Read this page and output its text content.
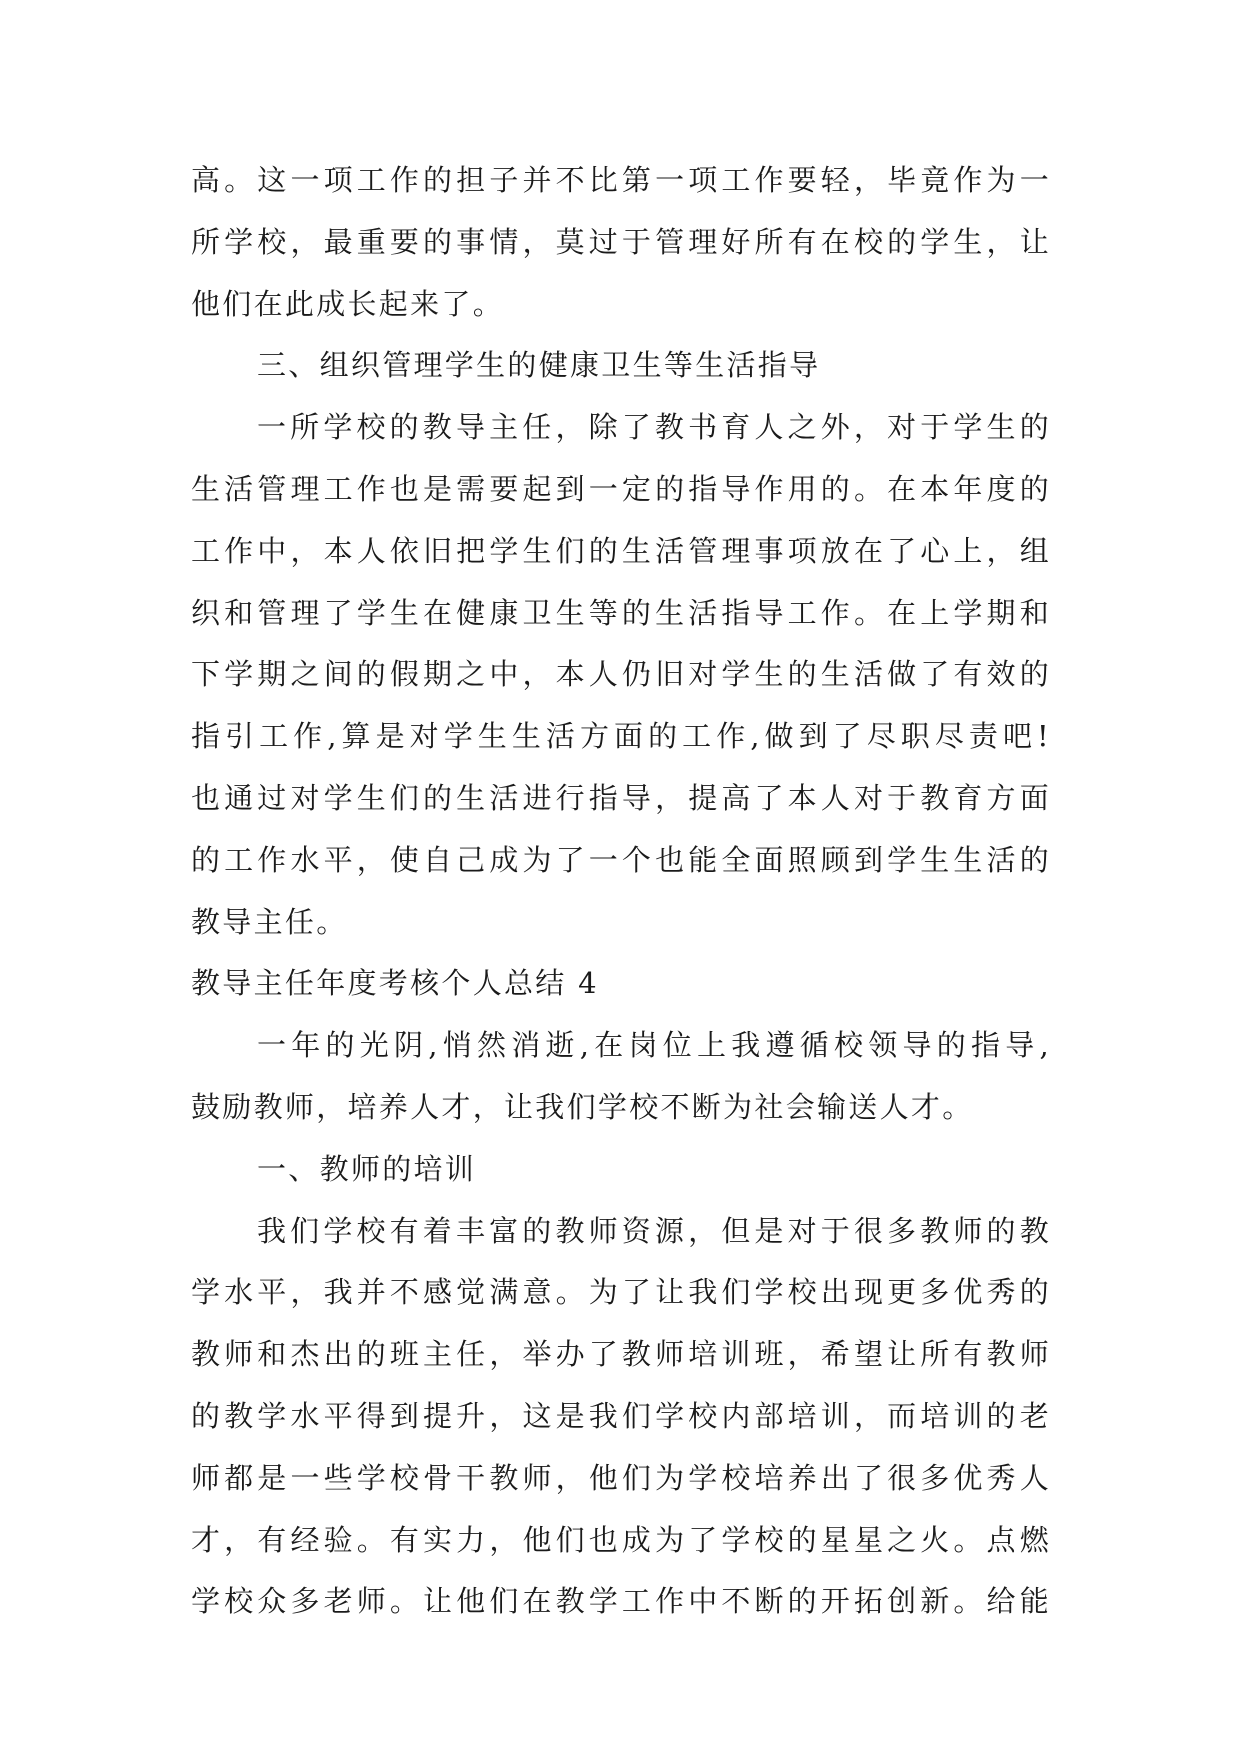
高。这一项工作的担子并不比第一项工作要轻，毕竟作为一
所学校，最重要的事情，莫过于管理好所有在校的学生，让
他们在此成长起来了。
三、组织管理学生的健康卫生等生活指导
一所学校的教导主任，除了教书育人之外，对于学生的
生活管理工作也是需要起到一定的指导作用的。在本年度的
工作中，本人依旧把学生们的生活管理事项放在了心上，组
织和管理了学生在健康卫生等的生活指导工作。在上学期和
下学期之间的假期之中，本人仍旧对学生的生活做了有效的
指引工作,算是对学生生活方面的工作,做到了尽职尽责吧!
也通过对学生们的生活进行指导，提高了本人对于教育方面
的工作水平，使自己成为了一个也能全面照顾到学生生活的
教导主任。
教导主任年度考核个人总结 4
一年的光阴,悄然消逝,在岗位上我遵循校领导的指导,
鼓励教师，培养人才，让我们学校不断为社会输送人才。
一、教师的培训
我们学校有着丰富的教师资源，但是对于很多教师的教
学水平，我并不感觉满意。为了让我们学校出现更多优秀的
教师和杰出的班主任，举办了教师培训班，希望让所有教师
的教学水平得到提升，这是我们学校内部培训，而培训的老
师都是一些学校骨干教师，他们为学校培养出了很多优秀人
才，有经验。有实力，他们也成为了学校的星星之火。点燃
学校众多老师。让他们在教学工作中不断的开拓创新。给能
